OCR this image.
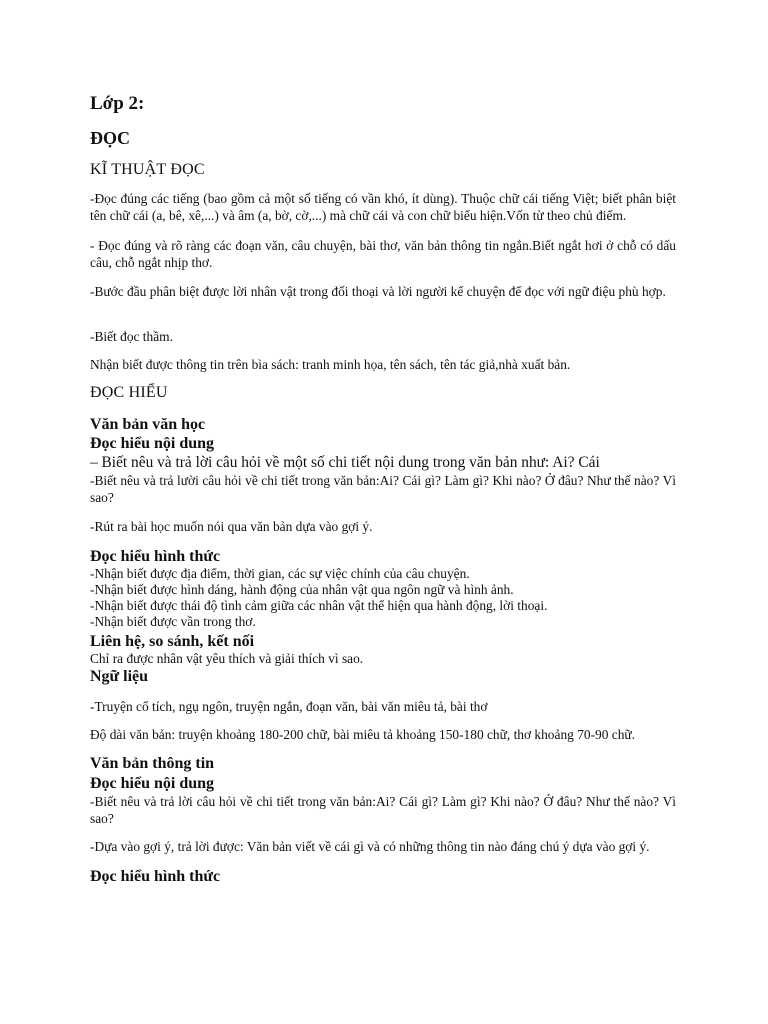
Lớp 2:
ĐỌC
KĨ THUẬT ĐỌC

-Đọc đúng các tiếng (bao gồm cả một số tiếng có vần khó, ít dùng). Thuộc chữ cái tiếng Việt; biết phân biệt tên chữ cái (a, bê, xê,...) và âm (a, bờ, cờ,...) mà chữ cái và con chữ biểu hiện.Vốn từ theo chủ điểm.

- Đọc đúng và rõ ràng các đoạn văn, câu chuyện, bài thơ, văn bản thông tin ngắn.Biết ngắt hơi ở chỗ có dấu câu, chỗ ngắt nhịp thơ.

-Bước đầu phân biệt được lời nhân vật trong đối thoại và lời người kể chuyện để đọc với ngữ điệu phù hợp.

-Biết đọc thầm.

Nhận biết được thông tin trên bìa sách: tranh minh họa, tên sách, tên tác giả,nhà xuất bản.

ĐỌC HIỂU
Văn bản văn học
Đọc hiểu nội dung

– Biết nêu và trả lời câu hỏi về một số chi tiết nội dung trong văn bản như: Ai? Cái

-Biết nêu và trả lười câu hỏi về chi tiết trong văn bản:Ai? Cái gì? Làm gì? Khi nào? Ở đâu? Như thế nào? Vì sao?

-Rút ra bài học muốn nói qua văn bản dựa vào gợi ý.

Đọc hiểu hình thức
-Nhận biết được địa điểm, thời gian, các sự việc chính của câu chuyện.
-Nhận biết được hình dáng, hành động của nhân vật qua ngôn ngữ và hình ảnh.
-Nhận biết được thái độ tình cảm giữa các nhân vật thể hiện qua hành động, lời thoại.
-Nhận biết được vần trong thơ.
Liên hệ, so sánh, kết nối
Chỉ ra được nhân vật yêu thích và giải thích vì sao.
Ngữ liệu

-Truyện cổ tích, ngụ ngôn, truyện ngắn, đoạn văn, bài văn miêu tả, bài thơ

Độ dài văn bản: truyện khoảng 180-200 chữ, bài miêu tả khoảng 150-180 chữ, thơ khoảng 70-90 chữ.

Văn bản thông tin
Đọc hiểu nội dung

-Biết nêu và trả lời câu hỏi về chi tiết trong văn bản:Ai? Cái gì? Làm gì? Khi nào? Ở đâu? Như thế nào? Vì sao?

-Dựa vào gợi ý, trả lời được: Văn bản viết về cái gì và có những thông tin nào đáng chú ý dựa vào gợi ý.

Đọc hiểu hình thức
